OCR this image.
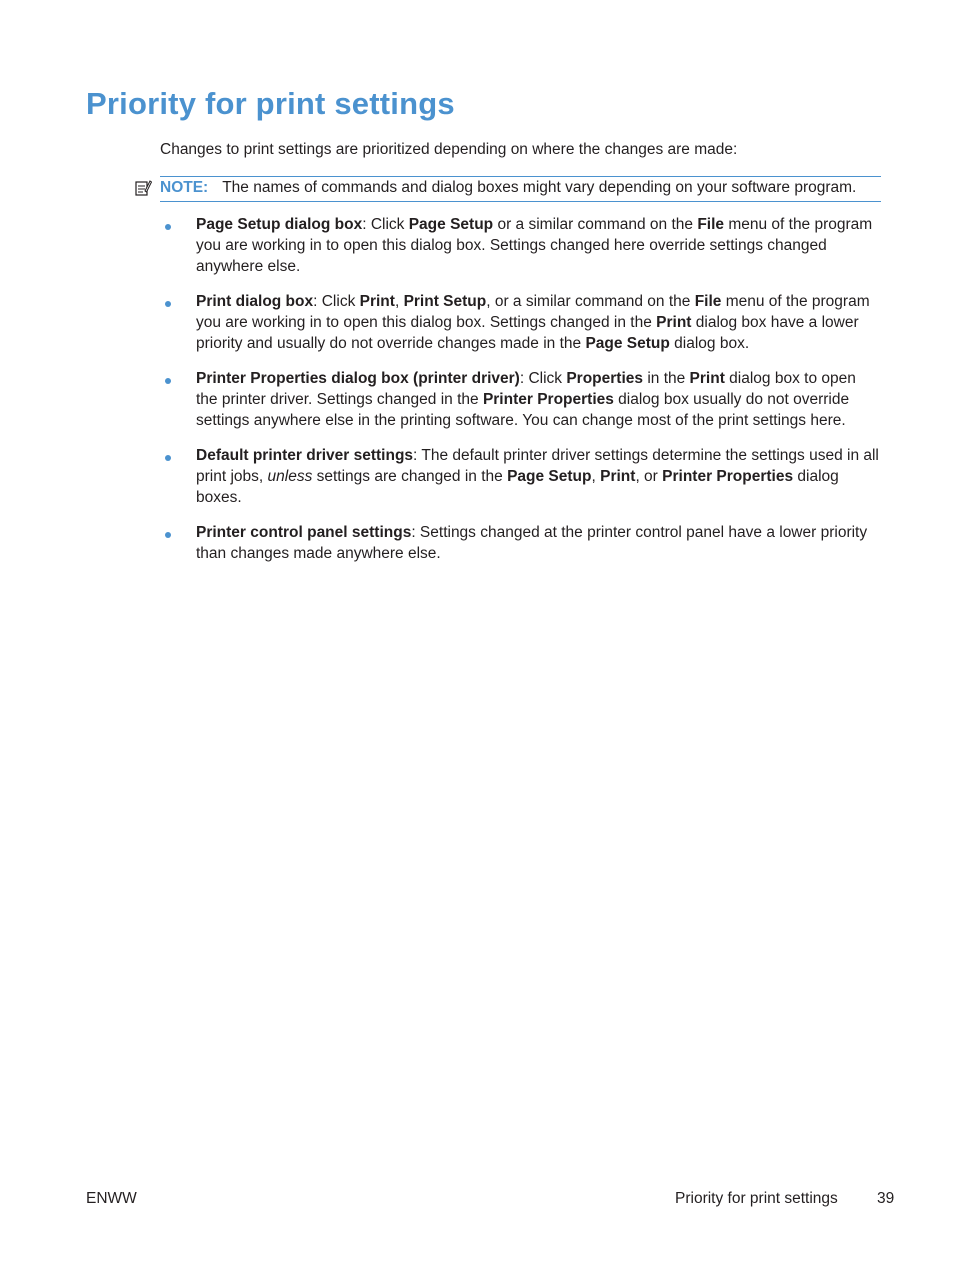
Priority for print settings

Changes to print settings are prioritized depending on where the changes are made:

NOTE: The names of commands and dialog boxes might vary depending on your software program.
Page Setup dialog box: Click Page Setup or a similar command on the File menu of the program you are working in to open this dialog box. Settings changed here override settings changed anywhere else.
Print dialog box: Click Print, Print Setup, or a similar command on the File menu of the program you are working in to open this dialog box. Settings changed in the Print dialog box have a lower priority and usually do not override changes made in the Page Setup dialog box.
Printer Properties dialog box (printer driver): Click Properties in the Print dialog box to open the printer driver. Settings changed in the Printer Properties dialog box usually do not override settings anywhere else in the printing software. You can change most of the print settings here.
Default printer driver settings: The default printer driver settings determine the settings used in all print jobs, unless settings are changed in the Page Setup, Print, or Printer Properties dialog boxes.
Printer control panel settings: Settings changed at the printer control panel have a lower priority than changes made anywhere else.
ENWW	Priority for print settings	39
